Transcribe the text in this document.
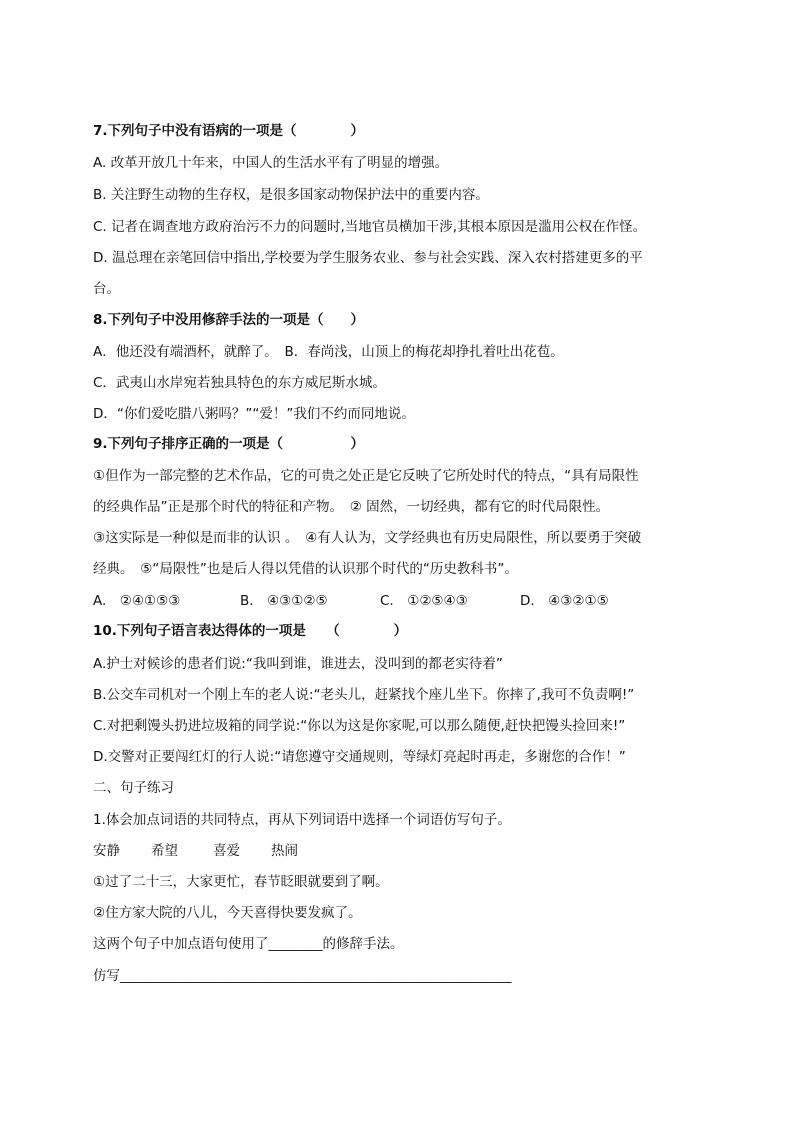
7.下列句子中没有语病的一项是（　　　　）
A. 改革开放几十年来，中国人的生活水平有了明显的增强。
B. 关注野生动物的生存权，是很多国家动物保护法中的重要内容。
C. 记者在调查地方政府治污不力的问题时,当地官员横加干涉,其根本原因是滥用公权在作怪。
D. 温总理在亲笔回信中指出,学校要为学生服务农业、参与社会实践、深入农村搭建更多的平
台。
8.下列句子中没用修辞手法的一项是（　　）
A．他还没有端酒杯，就醉了。　B．春尚浅，山顶上的梅花却挣扎着吐出花苞。
C．武夷山水岸宛若独具特色的东方威尼斯水城。
D．“你们爱吃腊八粥吗？”“爱！”我们不约而同地说。
9.下列句子排序正确的一项是（　　　　　）
①但作为一部完整的艺术作品，它的可贵之处正是它反映了它所处时代的特点，“具有局限性
的经典作品”正是那个时代的特征和产物。　② 固然，一切经典，都有它的时代局限性。
③这实际是一种似是而非的认识 。　④有人认为，文学经典也有历史局限性，所以要勇于突破
经典。　⑤“局限性”也是后人得以凭借的认识那个时代的“历史教科书”。
A.　②④①⑤③	B.　④③①②⑤	C.　①②⑤④③	D.　④③②①⑤
10.下列句子语言表达得体的一项是　　（　　　　）
A.护士对候诊的患者们说:“我叫到谁，谁进去，没叫到的都老实待着”
B.公交车司机对一个刚上车的老人说:“老头儿，赶紧找个座儿坐下。你摔了,我可不负责啊!”
C.对把剩馒头扔进垃圾箱的同学说:“你以为这是你家呢,可以那么随便,赶快把馒头捡回来!”
D.交警对正要闯红灯的行人说:“请您遵守交通规则，等绿灯亮起时再走，多谢您的合作！”
二、句子练习
1.体会加点词语的共同特点，再从下列词语中选择一个词语仿写句子。
安静 希望	喜爱 热闹
①过了二十三，大家更忙，春节眨眼就要到了啊。
②住方家大院的八儿，今天喜得快要发疯了。
这两个句子中加点语句使用了________的修辞手法。
仿写__________________________________________________________
